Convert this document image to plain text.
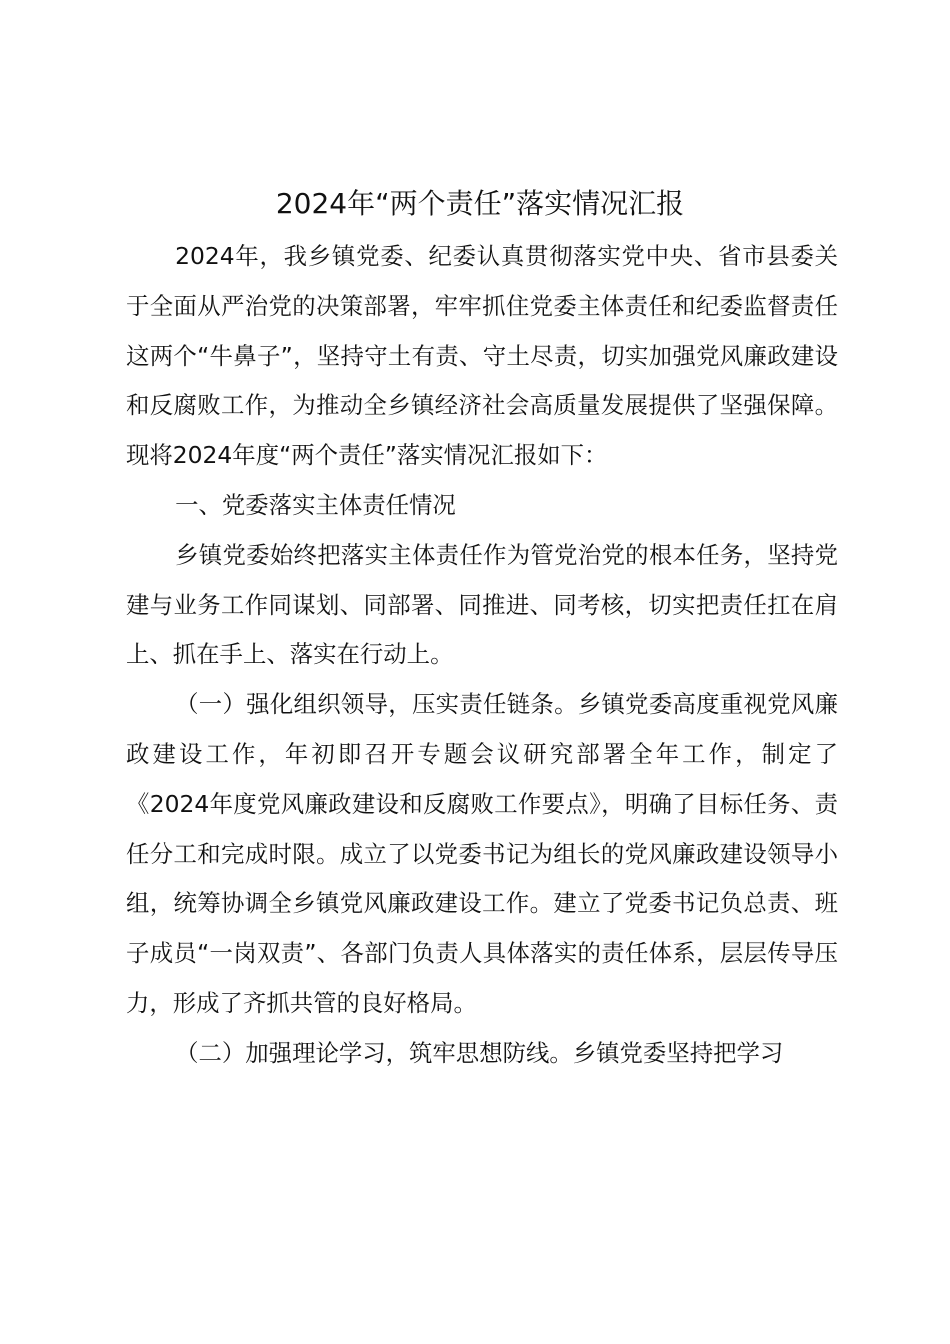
2024年“两个责任”落实情况汇报

2024年，我乡镇党委、纪委认真贯彻落实党中央、省市县委关于全面从严治党的决策部署，牢牢抓住党委主体责任和纪委监督责任这两个“牛鼻子”，坚持守土有责、守土尽责，切实加强党风廉政建设和反腐败工作，为推动全乡镇经济社会高质量发展提供了坚强保障。现将2024年度“两个责任”落实情况汇报如下：

一、党委落实主体责任情况

乡镇党委始终把落实主体责任作为管党治党的根本任务，坚持党建与业务工作同谋划、同部署、同推进、同考核，切实把责任扛在肩上、抓在手上、落实在行动上。

（一）强化组织领导，压实责任链条。乡镇党委高度重视党风廉政建设工作，年初即召开专题会议研究部署全年工作，制定了《2024年度党风廉政建设和反腐败工作要点》，明确了目标任务、责任分工和完成时限。成立了以党委书记为组长的党风廉政建设领导小组，统筹协调全乡镇党风廉政建设工作。建立了党委书记负总责、班子成员“一岗双责”、各部门负责人具体落实的责任体系，层层传导压力，形成了齐抓共管的良好格局。

（二）加强理论学习，筑牢思想防线。乡镇党委坚持把学习
